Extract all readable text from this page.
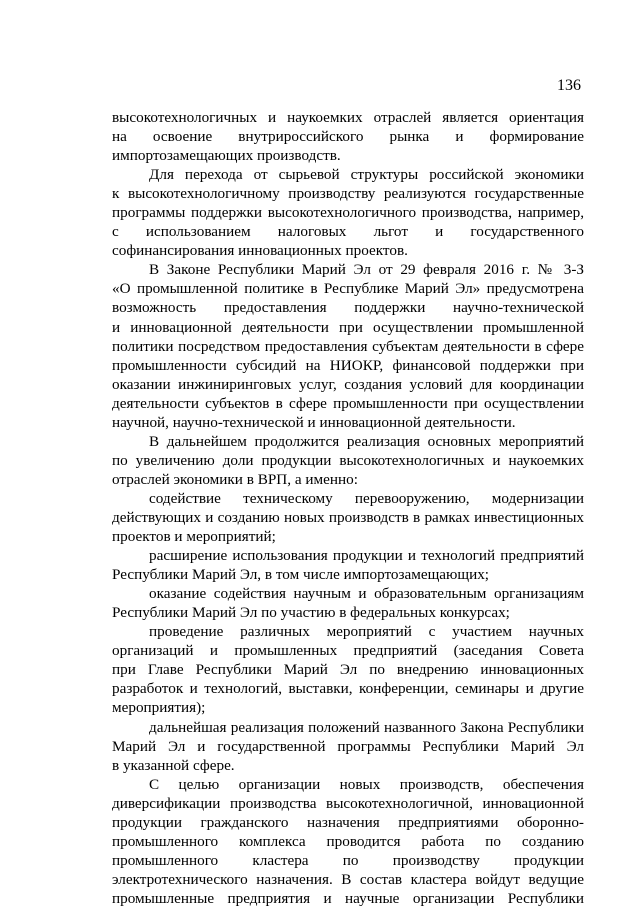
136
высокотехнологичных и наукоемких отраслей является ориентация
на освоение внутрироссийского рынка и формирование
импортозамещающих производств.
Для перехода от сырьевой структуры российской экономики
к высокотехнологичному производству реализуются государственные
программы поддержки высокотехнологичного производства, например,
с использованием налоговых льгот и государственного
софинансирования инновационных проектов.
В Законе Республики Марий Эл от 29 февраля 2016 г. № 3-З
«О промышленной политике в Республике Марий Эл» предусмотрена
возможность предоставления поддержки научно-технической
и инновационной деятельности при осуществлении промышленной
политики посредством предоставления субъектам деятельности в сфере
промышленности субсидий на НИОКР, финансовой поддержки при
оказании инжиниринговых услуг, создания условий для координации
деятельности субъектов в сфере промышленности при осуществлении
научной, научно-технической и инновационной деятельности.
В дальнейшем продолжится реализация основных мероприятий
по увеличению доли продукции высокотехнологичных и наукоемких
отраслей экономики в ВРП, а именно:
содействие техническому перевооружению, модернизации
действующих и созданию новых производств в рамках инвестиционных
проектов и мероприятий;
расширение использования продукции и технологий предприятий
Республики Марий Эл, в том числе импортозамещающих;
оказание содействия научным и образовательным организациям
Республики Марий Эл по участию в федеральных конкурсах;
проведение различных мероприятий с участием научных
организаций и промышленных предприятий (заседания Совета
при Главе Республики Марий Эл по внедрению инновационных
разработок и технологий, выставки, конференции, семинары и другие
мероприятия);
дальнейшая реализация положений названного Закона Республики
Марий Эл и государственной программы Республики Марий Эл
в указанной сфере.
С целью организации новых производств, обеспечения
диверсификации производства высокотехнологичной, инновационной
продукции гражданского назначения предприятиями оборонно-
промышленного комплекса проводится работа по созданию
промышленного кластера по производству продукции
электротехнического назначения. В состав кластера войдут ведущие
промышленные предприятия и научные организации Республики
